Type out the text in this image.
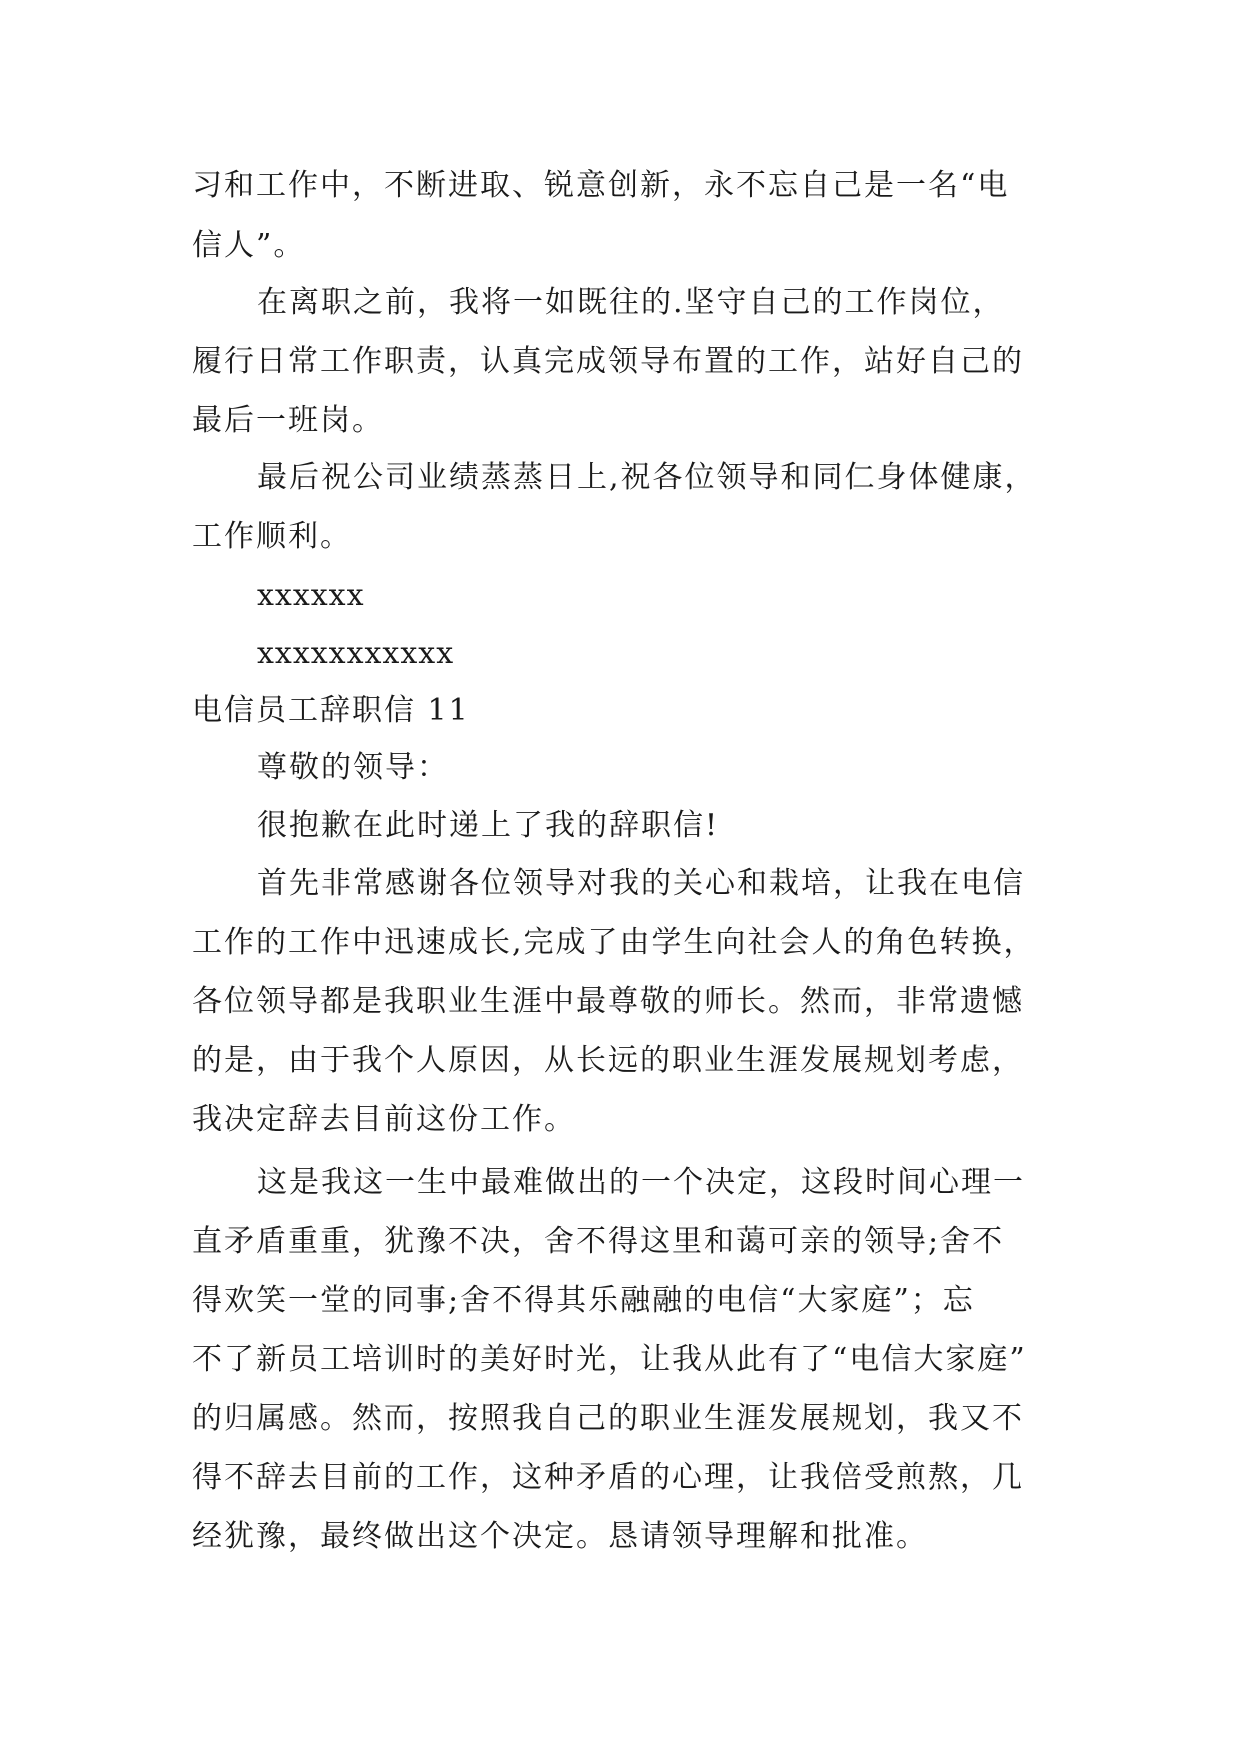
习和工作中，不断进取、锐意创新，永不忘自己是一名“电

信人”。

在离职之前，我将一如既往的.坚守自己的工作岗位，

履行日常工作职责，认真完成领导布置的工作，站好自己的

最后一班岗。

最后祝公司业绩蒸蒸日上,祝各位领导和同仁身体健康，

工作顺利。

xxxxxx

xxxxxxxxxxx

电信员工辞职信 11

尊敬的领导：

很抱歉在此时递上了我的辞职信!

首先非常感谢各位领导对我的关心和栽培，让我在电信

工作的工作中迅速成长,完成了由学生向社会人的角色转换，

各位领导都是我职业生涯中最尊敬的师长。然而，非常遗憾

的是，由于我个人原因，从长远的职业生涯发展规划考虑，

我决定辞去目前这份工作。

这是我这一生中最难做出的一个决定，这段时间心理一

直矛盾重重，犹豫不决，舍不得这里和蔼可亲的领导;舍不

得欢笑一堂的同事;舍不得其乐融融的电信“大家庭”；忘

不了新员工培训时的美好时光，让我从此有了“电信大家庭”

的归属感。然而，按照我自己的职业生涯发展规划，我又不

得不辞去目前的工作，这种矛盾的心理，让我倍受煎熬，几

经犹豫，最终做出这个决定。恳请领导理解和批准。
